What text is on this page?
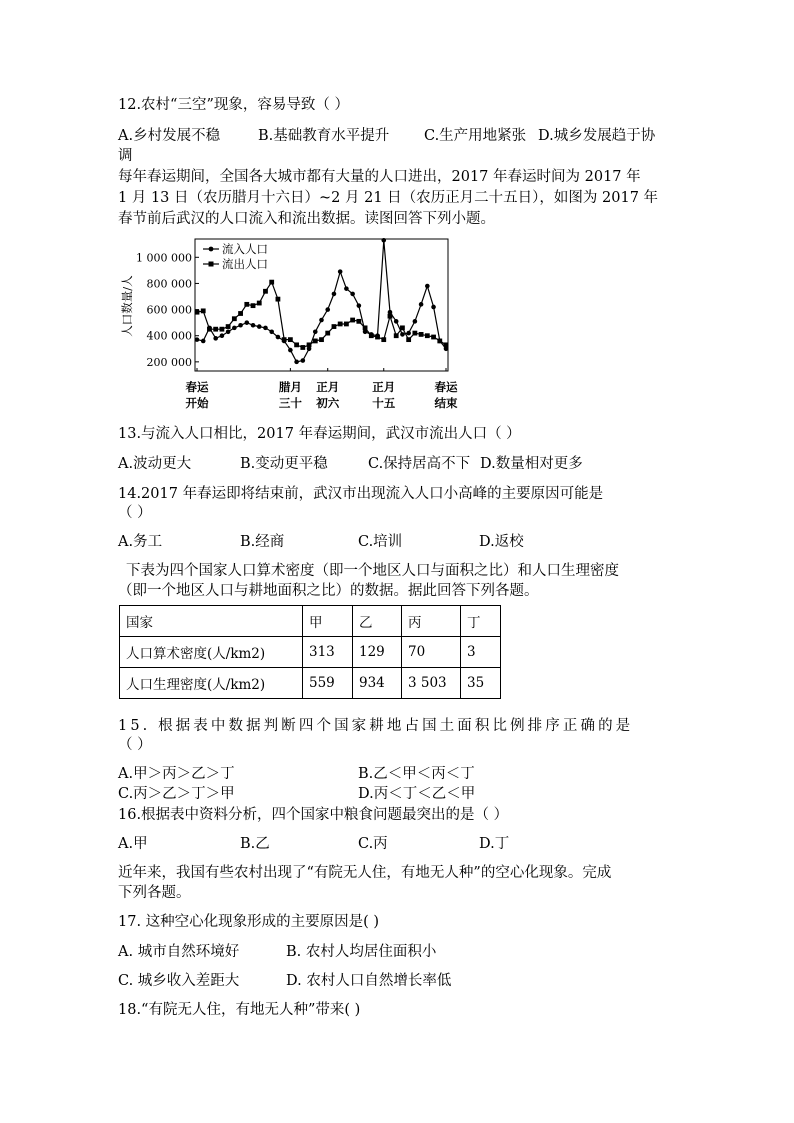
12.农村“三空”现象，容易导致（ ）
A.乡村发展不稳	B.基础教育水平提升 C.生产用地紧张 D.城乡发展趋于协
调
每年春运期间，全国各大城市都有大量的人口进出，2017 年春运时间为 2017 年
1 月 13 日（农历腊月十六日）~2 月 21 日（农历正月二十五日），如图为 2017 年
春节前后武汉的人口流入和流出数据。读图回答下列小题。
人口数量/人
200 000
400 000
600 000
800 000
1 000 000
春运
开始
腊月
三十
正月
初六
正月
十五
春运
结束
流入人口
流出人口
13.与流入人口相比，2017 年春运期间，武汉市流出人口（ ）
A.波动更大	B.变动更平稳	C.保持居高不下 D.数量相对更多
14.2017 年春运即将结束前，武汉市出现流入人口小高峰的主要原因可能是
（ ）
A.务工	B.经商	C.培训	D.返校
下表为四个国家人口算术密度（即一个地区人口与面积之比）和人口生理密度
（即一个地区人口与耕地面积之比）的数据。据此回答下列各题。
国家	甲	乙	丙	丁
人口算术密度(人/km2)	313	129	70	3
人口生理密度(人/km2)	559	934	3 503	35
15. 根据表中数据判断四个国家耕地占国土面积比例排序正确的是
（ ）
A.甲＞丙＞乙＞丁	B.乙＜甲＜丙＜丁
C.丙＞乙＞丁＞甲	D.丙＜丁＜乙＜甲
16.根据表中资料分析，四个国家中粮食问题最突出的是（ ）
A.甲	B.乙	C.丙	D.丁
近年来，我国有些农村出现了“有院无人住，有地无人种”的空心化现象。完成
下列各题。
17. 这种空心化现象形成的主要原因是( )
A. 城市自然环境好	B. 农村人均居住面积小
C. 城乡收入差距大	D. 农村人口自然增长率低
18.“有院无人住，有地无人种”带来( )
